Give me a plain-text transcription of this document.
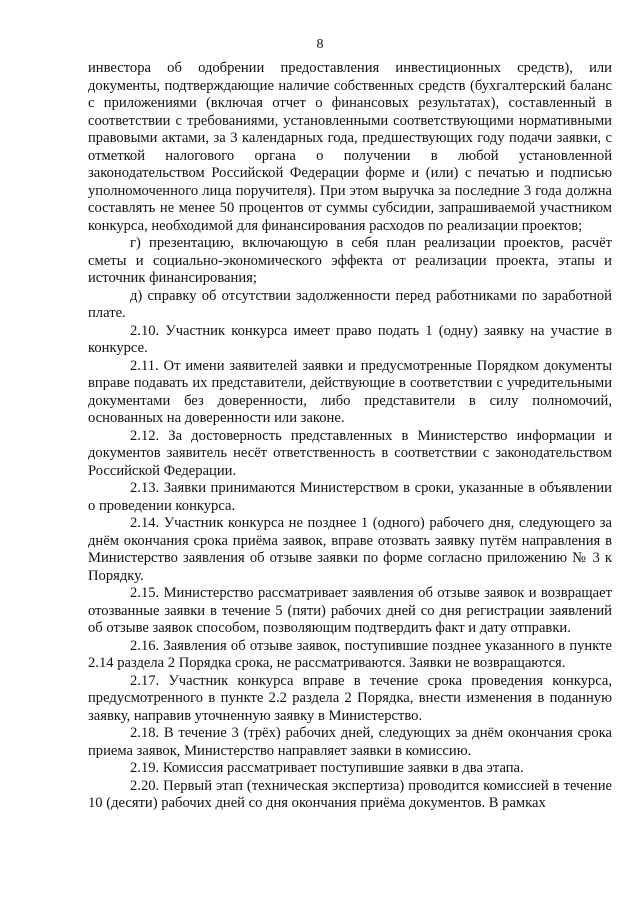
8

инвестора об одобрении предоставления инвестиционных средств), или документы, подтверждающие наличие собственных средств (бухгалтерский баланс с приложениями (включая отчет о финансовых результатах), составленный в соответствии с требованиями, установленными соответствующими нормативными правовыми актами, за 3 календарных года, предшествующих году подачи заявки, с отметкой налогового органа о получении в любой установленной законодательством Российской Федерации форме и (или) с печатью и подписью уполномоченного лица поручителя). При этом выручка за последние 3 года должна составлять не менее 50 процентов от суммы субсидии, запрашиваемой участником конкурса, необходимой для финансирования расходов по реализации проектов;

г) презентацию, включающую в себя план реализации проектов, расчёт сметы и социально-экономического эффекта от реализации проекта, этапы и источник финансирования;

д) справку об отсутствии задолженности перед работниками по заработной плате.

2.10. Участник конкурса имеет право подать 1 (одну) заявку на участие в конкурсе.

2.11. От имени заявителей заявки и предусмотренные Порядком документы вправе подавать их представители, действующие в соответствии с учредительными документами без доверенности, либо представители в силу полномочий, основанных на доверенности или законе.

2.12. За достоверность представленных в Министерство информации и документов заявитель несёт ответственность в соответствии с законодательством Российской Федерации.

2.13. Заявки принимаются Министерством в сроки, указанные в объявлении о проведении конкурса.

2.14. Участник конкурса не позднее 1 (одного) рабочего дня, следующего за днём окончания срока приёма заявок, вправе отозвать заявку путём направления в Министерство заявления об отзыве заявки по форме согласно приложению № 3 к Порядку.

2.15. Министерство рассматривает заявления об отзыве заявок и возвращает отозванные заявки в течение 5 (пяти) рабочих дней со дня регистрации заявлений об отзыве заявок способом, позволяющим подтвердить факт и дату отправки.

2.16. Заявления об отзыве заявок, поступившие позднее указанного в пункте 2.14 раздела 2 Порядка срока, не рассматриваются. Заявки не возвращаются.

2.17. Участник конкурса вправе в течение срока проведения конкурса, предусмотренного в пункте 2.2 раздела 2 Порядка, внести изменения в поданную заявку, направив уточненную заявку в Министерство.

2.18. В течение 3 (трёх) рабочих дней, следующих за днём окончания срока приема заявок, Министерство направляет заявки в комиссию.

2.19. Комиссия рассматривает поступившие заявки в два этапа.

2.20. Первый этап (техническая экспертиза) проводится комиссией в течение 10 (десяти) рабочих дней со дня окончания приёма документов. В рамках
